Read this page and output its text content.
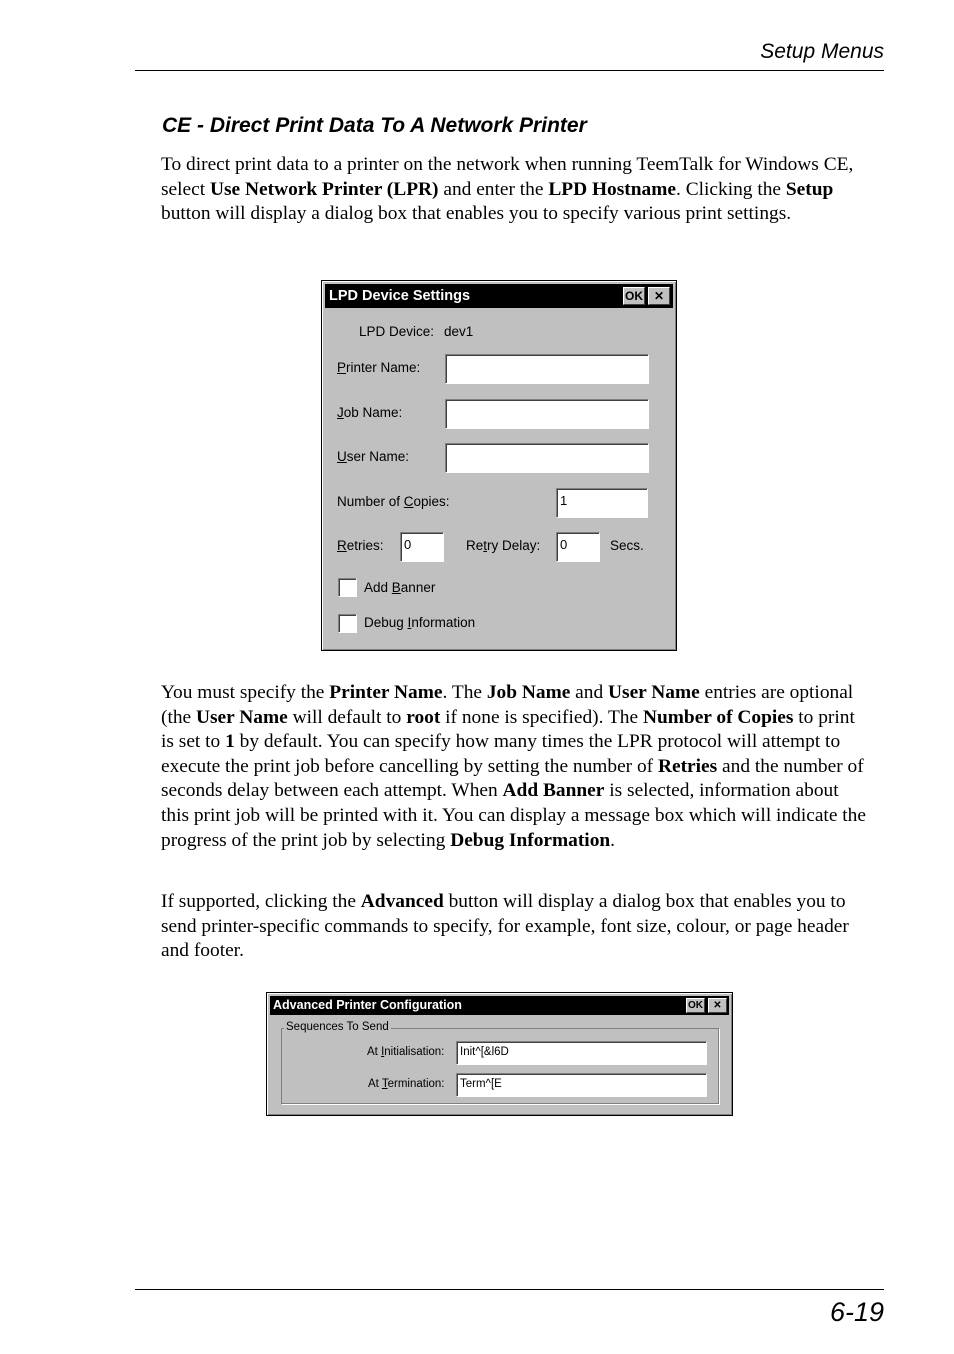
Setup Menus
CE - Direct Print Data To A Network Printer
To direct print data to a printer on the network when running TeemTalk for Windows CE, select Use Network Printer (LPR) and enter the LPD Hostname. Clicking the Setup button will display a dialog box that enables you to specify various print settings.
LPD Device Settings	OK ✕
LPD Device: dev1
Printer Name:
Job Name:
User Name:
Number of Copies:	1
Retries:	0	Retry Delay:	0	Secs.
Add Banner
Debug Information
You must specify the Printer Name. The Job Name and User Name entries are optional (the User Name will default to root if none is specified). The Number of Copies to print is set to 1 by default. You can specify how many times the LPR protocol will attempt to execute the print job before cancelling by setting the number of Retries and the number of seconds delay between each attempt. When Add Banner is selected, information about this print job will be printed with it. You can display a message box which will indicate the progress of the print job by selecting Debug Information.
If supported, clicking the Advanced button will display a dialog box that enables you to send printer-specific commands to specify, for example, font size, colour, or page header and footer.
Advanced Printer Configuration	OK	✕
Sequences To Send
At Initialisation:	Init^[&l6D
At Termination:	Term^[E
6-19
